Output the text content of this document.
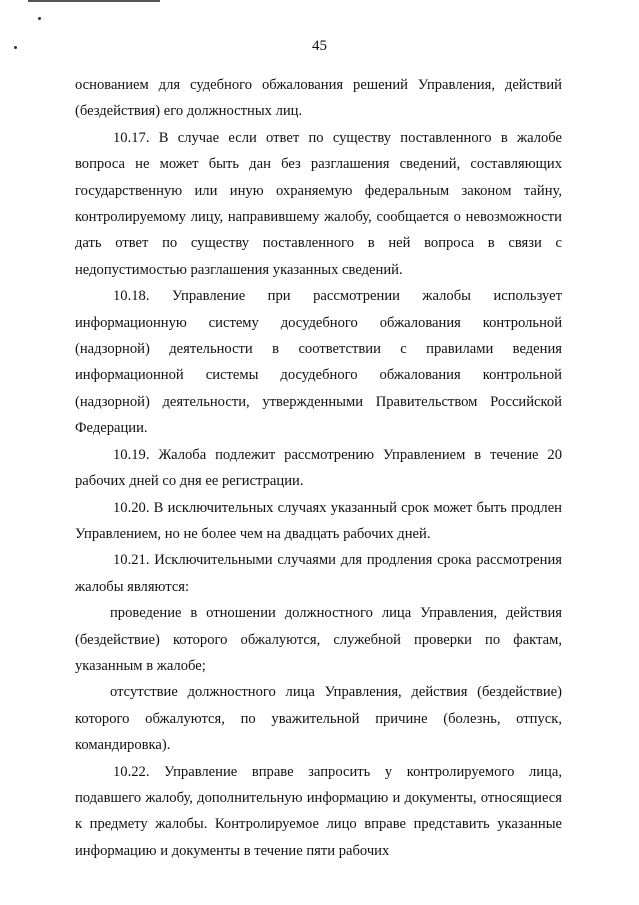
45

основанием для судебного обжалования решений Управления, действий (бездействия) его должностных лиц.

10.17. В случае если ответ по существу поставленного в жалобе вопроса не может быть дан без разглашения сведений, составляющих государственную или иную охраняемую федеральным законом тайну, контролируемому лицу, направившему жалобу, сообщается о невозможности дать ответ по существу поставленного в ней вопроса в связи с недопустимостью разглашения указанных сведений.

10.18. Управление при рассмотрении жалобы использует информационную систему досудебного обжалования контрольной (надзорной) деятельности в соответствии с правилами ведения информационной системы досудебного обжалования контрольной (надзорной) деятельности, утвержденными Правительством Российской Федерации.

10.19. Жалоба подлежит рассмотрению Управлением в течение 20 рабочих дней со дня ее регистрации.

10.20. В исключительных случаях указанный срок может быть продлен Управлением, но не более чем на двадцать рабочих дней.

10.21. Исключительными случаями для продления срока рассмотрения жалобы являются:

проведение в отношении должностного лица Управления, действия (бездействие) которого обжалуются, служебной проверки по фактам, указанным в жалобе;

отсутствие должностного лица Управления, действия (бездействие) которого обжалуются, по уважительной причине (болезнь, отпуск, командировка).

10.22. Управление вправе запросить у контролируемого лица, подавшего жалобу, дополнительную информацию и документы, относящиеся к предмету жалобы. Контролируемое лицо вправе представить указанные информацию и документы в течение пяти рабочих
